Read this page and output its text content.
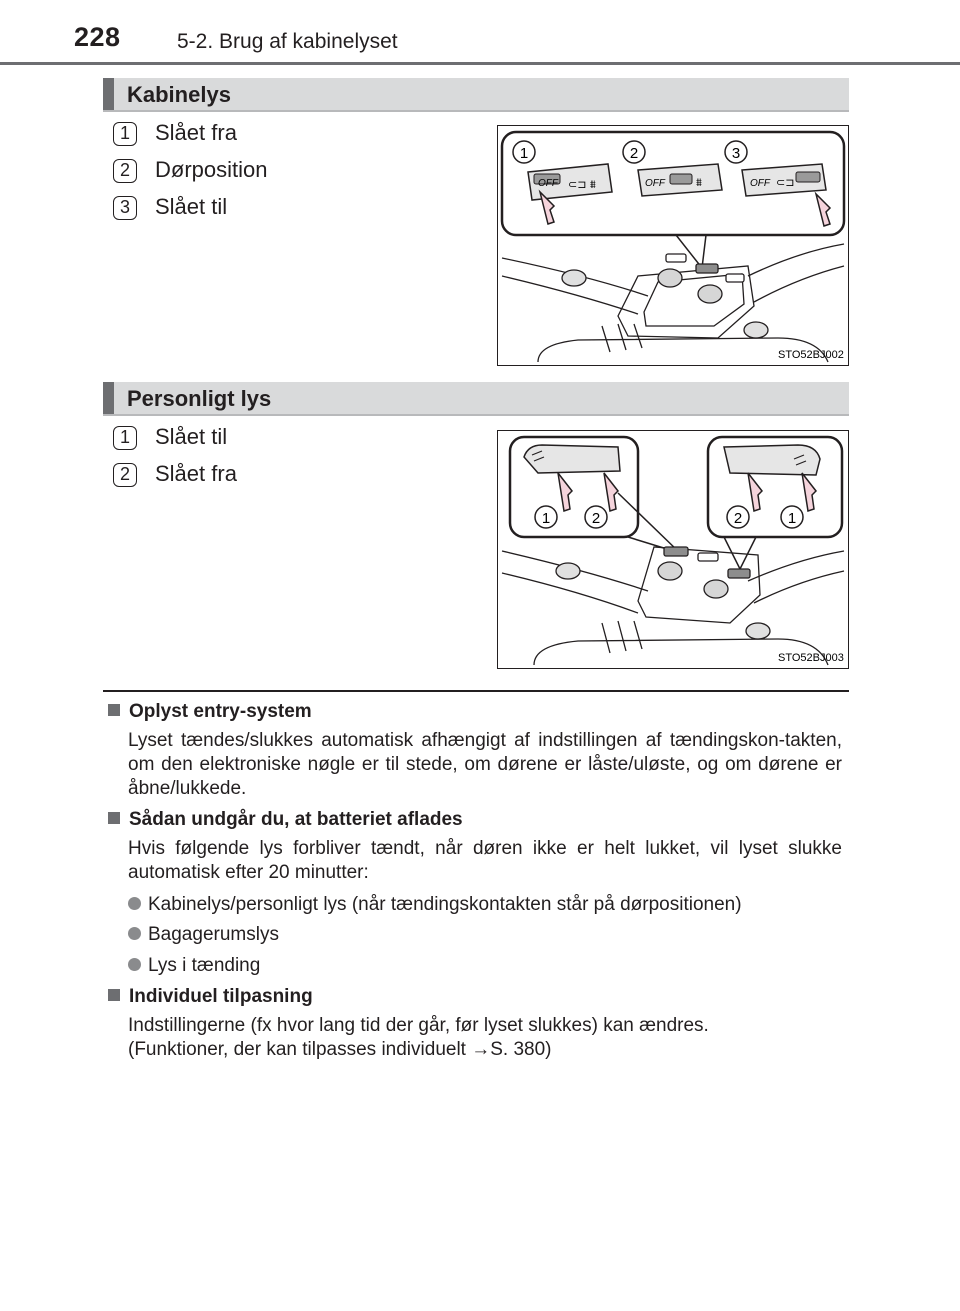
228	5-2. Brug af kabinelyset
Kabinelys
1	Slået fra
2	Dørposition
3	Slået til
OFF ⊂⊐ ⩩	OFF	⩩	OFF ⊂⊐
1	2	3
STO52BJ002
Personligt lys
1	Slået til
2	Slået fra
1	2	2	1
STO52BJ003
Oplyst entry-system
Lyset tændes/slukkes automatisk afhængigt af indstillingen af tændingskon-takten, om den elektroniske nøgle er til stede, om dørene er låste/uløste, og om dørene er åbne/lukkede.
Sådan undgår du, at batteriet aflades
Hvis følgende lys forbliver tændt, når døren ikke er helt lukket, vil lyset slukke automatisk efter 20 minutter:
Kabinelys/personligt lys (når tændingskontakten står på dørpositionen)
Bagagerumslys
Lys i tænding
Individuel tilpasning
Indstillingerne (fx hvor lang tid der går, før lyset slukkes) kan ændres.
(Funktioner, der kan tilpasses individuelt →S. 380)
